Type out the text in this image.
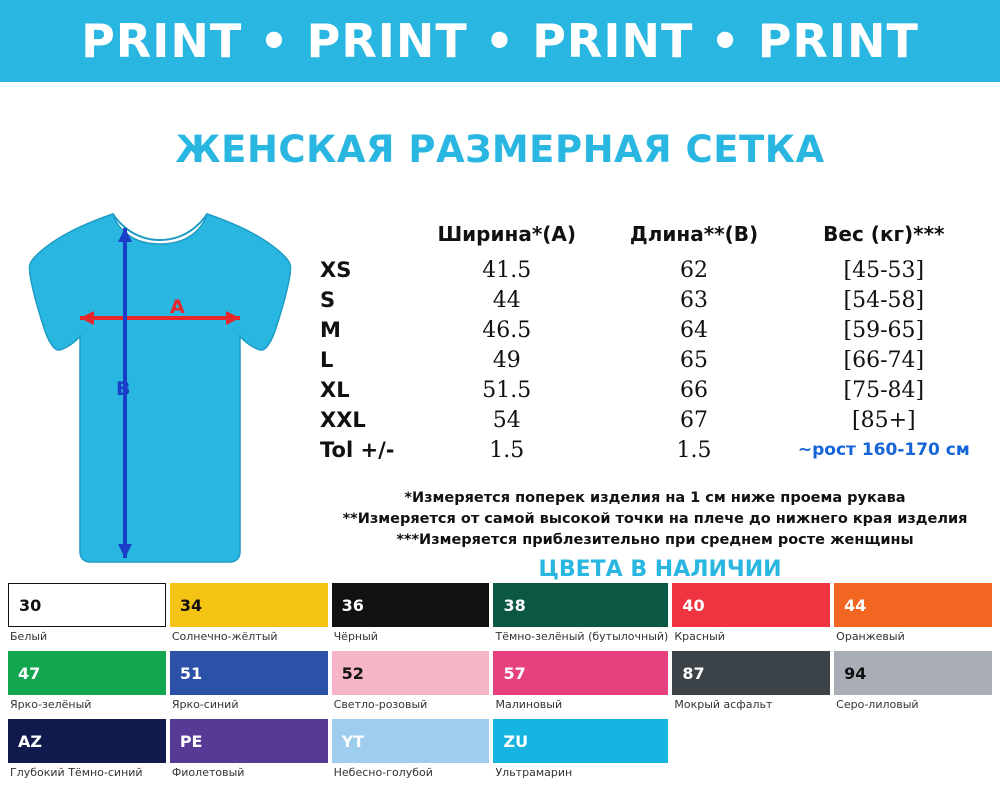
PRINT • PRINT • PRINT • PRINT
ЖЕНСКАЯ РАЗМЕРНАЯ СЕТКА
A
B
	Ширина*(A)	Длина**(B)	Вес (кг)***
XS	41.5	62	[45-53]
S	44	63	[54-58]
M	46.5	64	[59-65]
L	49	65	[66-74]
XL	51.5	66	[75-84]
XXL	54	67	[85+]
Tol +/-	1.5	1.5	~рост 160-170 см
*Измеряется поперек изделия на 1 см ниже проема рукава
**Измеряется от самой высокой точки на плече до нижнего края изделия
***Измеряется приблезительно при среднем росте женщины
ЦВЕТА В НАЛИЧИИ
30
Белый
34
Солнечно-жёлтый
36
Чёрный
38
Тёмно-зелёный (бутылочный)
40
Красный
44
Оранжевый
47
Ярко-зелёный
51
Ярко-синий
52
Светло-розовый
57
Малиновый
87
Мокрый асфальт
94
Серо-лиловый
AZ
Глубокий Тёмно-синий
PE
Фиолетовый
YT
Небесно-голубой
ZU
Ультрамарин
